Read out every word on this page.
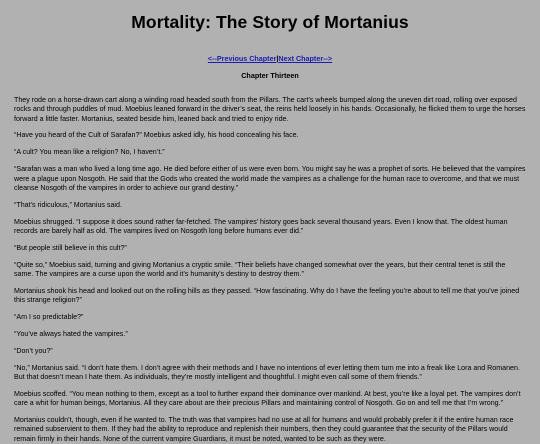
Mortality: The Story of Mortanius
<--Previous Chapter|Next Chapter-->
Chapter Thirteen

They rode on a horse-drawn cart along a winding road headed south from the Pillars. The cart’s wheels bumped along the uneven dirt road, rolling over exposed rocks and through puddles of mud. Moebius leaned forward in the driver’s seat, the reins held loosely in his hands. Occasionally, he flicked them to urge the horses forward a little faster. Mortanius, seated beside him, leaned back and tried to enjoy ride.

“Have you heard of the Cult of Sarafan?” Moebius asked idly, his hood concealing his face.

“A cult? You mean like a religion? No, I haven’t.”

“Sarafan was a man who lived a long time ago. He died before either of us were even born. You might say he was a prophet of sorts. He believed that the vampires were a plague upon Nosgoth. He said that the Gods who created the world made the vampires as a challenge for the human race to overcome, and that we must cleanse Nosgoth of the vampires in order to achieve our grand destiny.”

“That’s ridiculous,” Mortanius said.

Moebius shrugged. “I suppose it does sound rather far-fetched. The vampires’ history goes back several thousand years. Even I know that. The oldest human records are barely half as old. The vampires lived on Nosgoth long before humans ever did.”

“But people still believe in this cult?”

“Quite so,” Moebius said, turning and giving Mortanius a cryptic smile. “Their beliefs have changed somewhat over the years, but their central tenet is still the same. The vampires are a curse upon the world and it’s humanity’s destiny to destroy them.”

Mortanius shook his head and looked out on the rolling hills as they passed. “How fascinating. Why do I have the feeling you’re about to tell me that you’ve joined this strange religion?”

“Am I so predictable?”

“You’ve always hated the vampires.”

“Don’t you?”

“No,” Mortanius said. “I don’t hate them. I don’t agree with their methods and I have no intentions of ever letting them turn me into a freak like Lora and Romanen. But that doesn’t mean I hate them. As individuals, they’re mostly intelligent and thoughtful. I might even call some of them friends.”

Moebius scoffed. “You mean nothing to them, except as a tool to further expand their dominance over mankind. At best, you’re like a loyal pet. The vampires don’t care a whit for human beings, Mortanius. All they care about are their precious Pillars and maintaining control of Nosgoth. Go on and tell me that I’m wrong.”

Mortanius couldn’t, though, even if he wanted to. The truth was that vampires had no use at all for humans and would probably prefer it if the entire human race remained subservient to them. If they had the ability to reproduce and replenish their numbers, then they could guarantee that the security of the Pillars would remain firmly in their hands. None of the current vampire Guardians, it must be noted, wanted to be such as they were.
